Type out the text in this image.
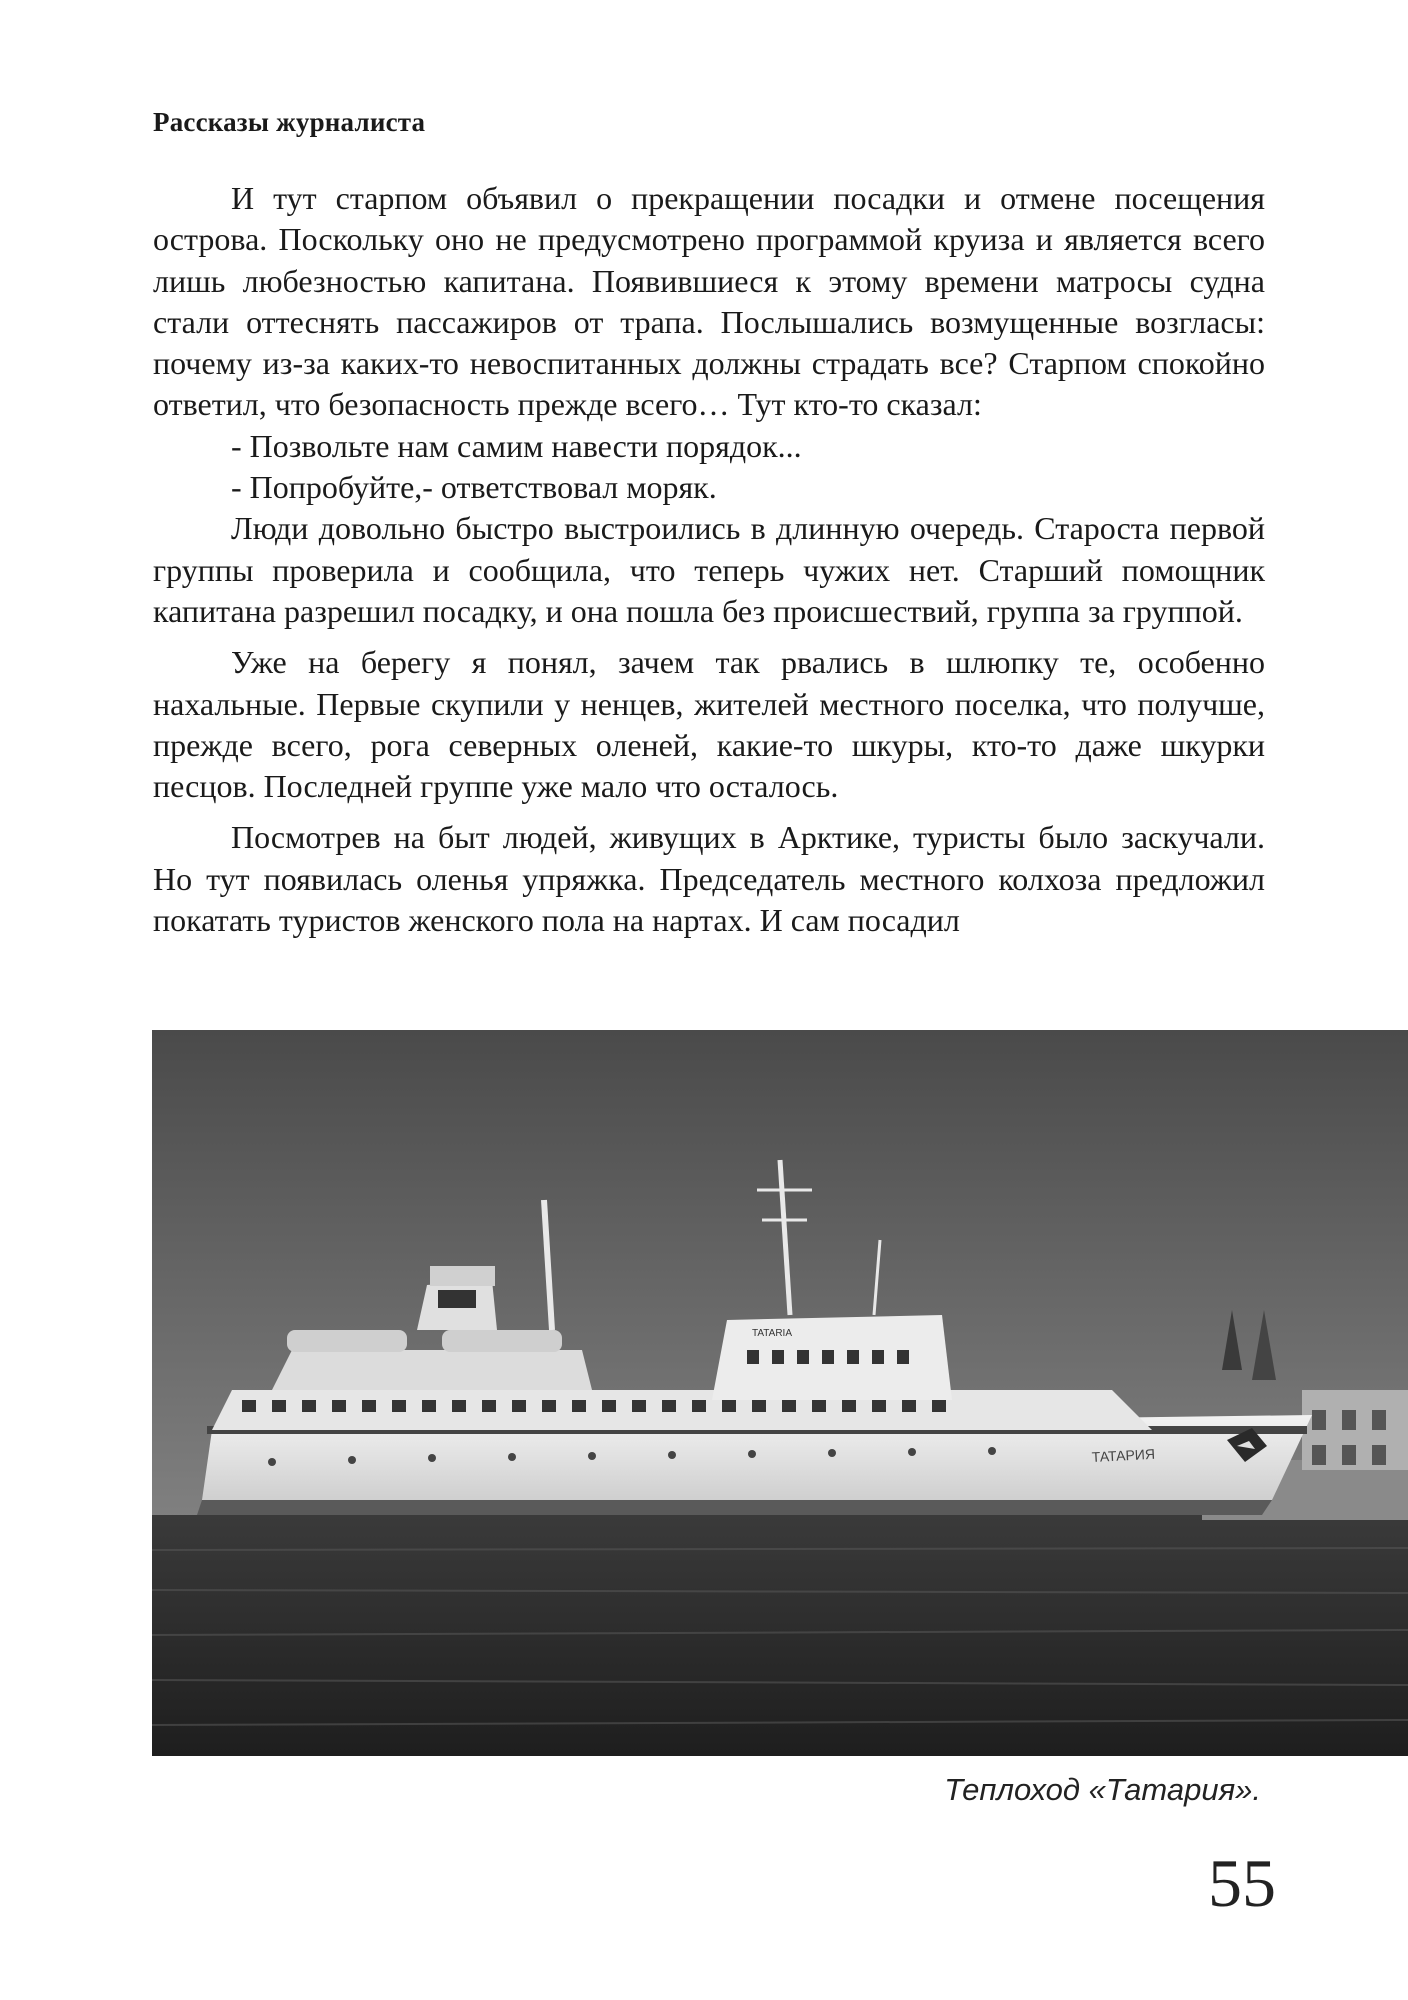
Рассказы журналиста

И тут старпом объявил о прекращении посадки и отмене посещения острова. Поскольку оно не предусмотрено программой круиза и является всего лишь любезностью капитана. Появившиеся к этому времени матросы судна стали оттеснять пассажиров от трапа. Послышались возмущенные возгласы: почему из-за каких-то невоспитанных должны страдать все? Старпом спокойно ответил, что безопасность прежде всего… Тут кто-то сказал:

- Позвольте нам самим навести порядок...

- Попробуйте,- ответствовал моряк.

Люди довольно быстро выстроились в длинную очередь. Староста первой группы проверила и сообщила, что теперь чужих нет. Старший помощник капитана разрешил посадку, и она пошла без происшествий, группа за группой.

Уже на берегу я понял, зачем так рвались в шлюпку те, особенно нахальные. Первые скупили у ненцев, жителей местного поселка, что получше, прежде всего, рога северных оленей, какие-то шкуры, кто-то даже шкурки песцов. Последней группе уже мало что осталось.

Посмотрев на быт людей, живущих в Арктике, туристы было заскучали. Но тут появилась оленья упряжка. Председатель местного колхоза предложил покатать туристов женского пола на нартах. И сам посадил

TATARIA
ТАТАРИЯ
Теплоход «Татария».
55
